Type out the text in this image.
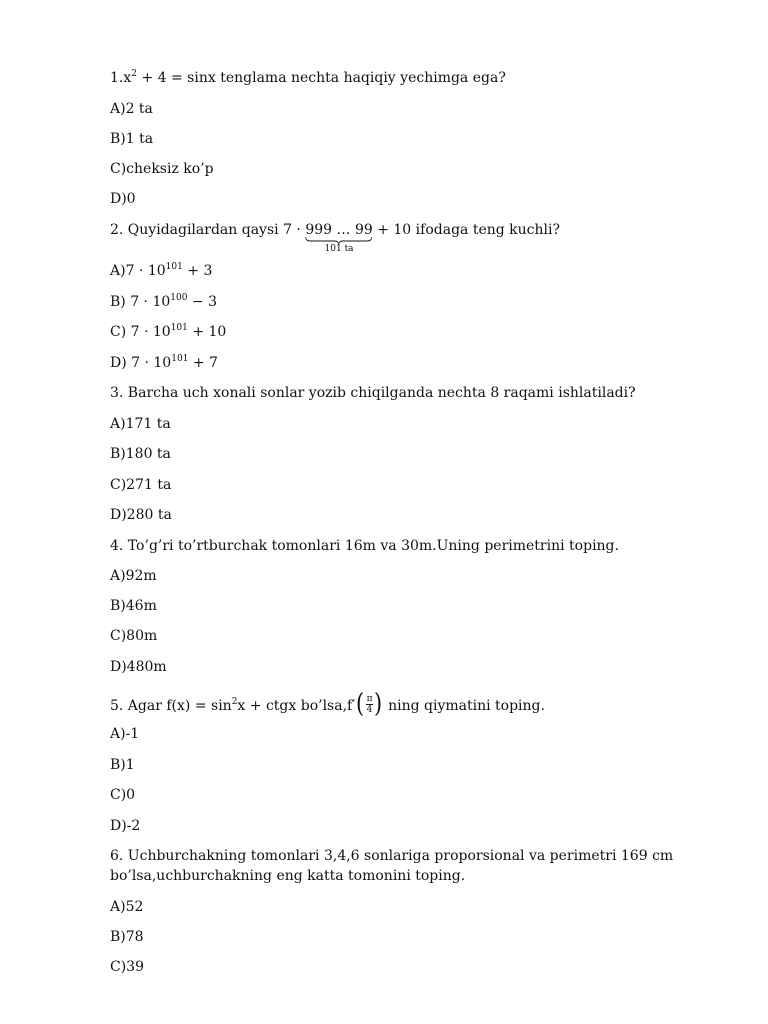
$1.x^2 + 4 = \sin x$ tenglama nechta haqiqiy yechimga ega?
A)2 ta
B)1 ta
C)cheksiz ko’p
D)0
2. Quyidagilardan qaysi 7 · 999 … 99
101 ta
+ 10 ifodaga teng kuchli?
$A)7 \cdot 10^{101} + 3$
B) $7 \cdot 10^{100} - 3$
C) $7 \cdot 10^{101} + 10$
D) $7 \cdot 10^{101} + 7$
3. Barcha uch xonali sonlar yozib chiqilganda nechta 8 raqami ishlatiladi?
A)171 ta
B)180 ta
C)271 ta
D)280 ta
4. To’g’ri to’rtburchak tomonlari 16m va 30m.Uning perimetrini toping.
A)92m
B)46m
C)80m
D)480m
5. Agar $f(x) = \sin^2x$ + ctgx bo’lsa,f′( $\frac{\pi}{4}$ ) ning qiymatini toping.
A)-1
B)1
C)0
D)-2
6. Uchburchakning tomonlari 3,4,6 sonlariga proporsional va perimetri 169 cm
bo’lsa,uchburchakning eng katta tomonini toping.
A)52
B)78
C)39
